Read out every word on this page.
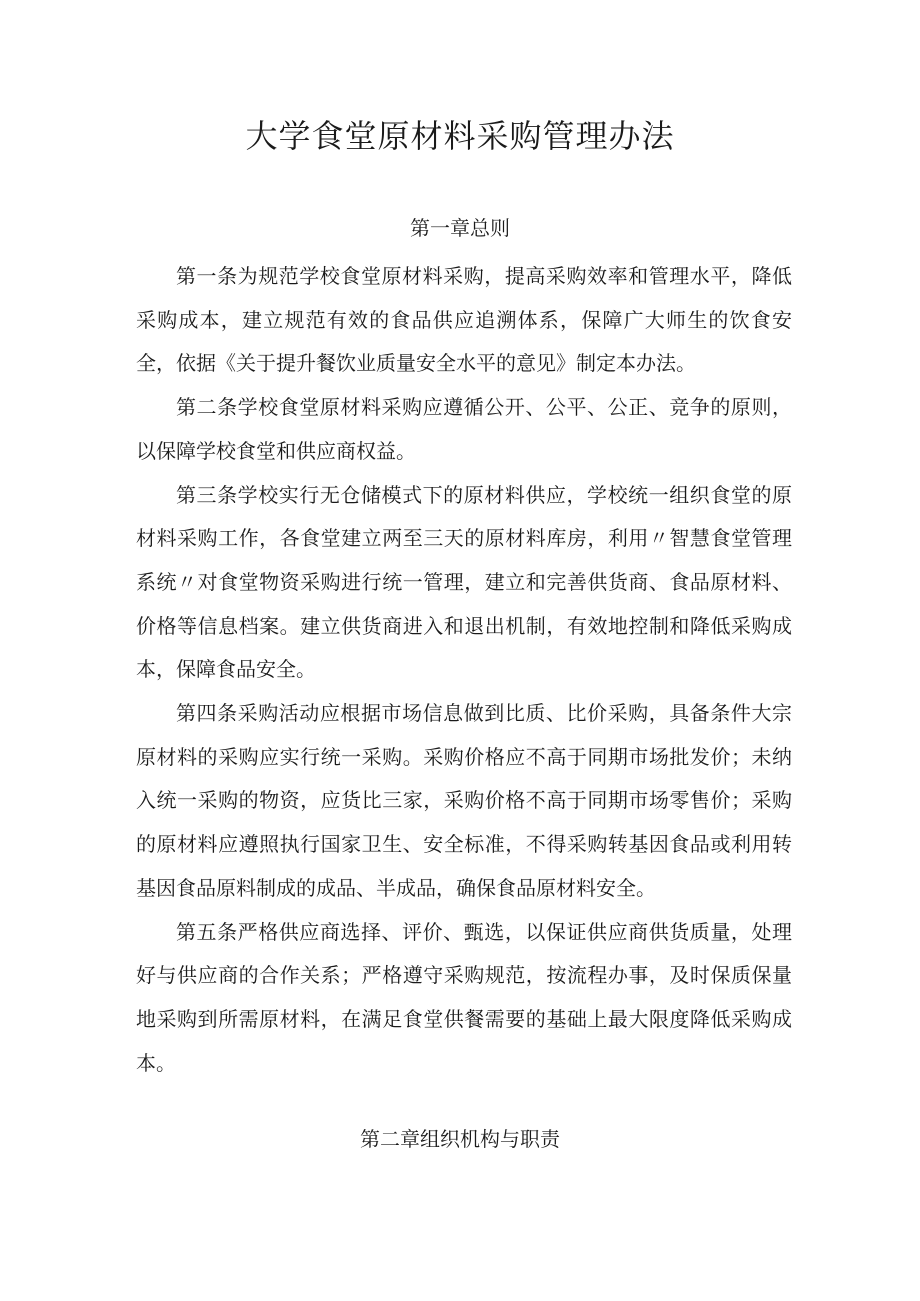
大学食堂原材料采购管理办法
第一章总则

第一条为规范学校食堂原材料采购，提高采购效率和管理水平，降低采购成本，建立规范有效的食品供应追溯体系，保障广大师生的饮食安全，依据《关于提升餐饮业质量安全水平的意见》制定本办法。

第二条学校食堂原材料采购应遵循公开、公平、公正、竞争的原则，以保障学校食堂和供应商权益。

第三条学校实行无仓储模式下的原材料供应，学校统一组织食堂的原材料采购工作，各食堂建立两至三天的原材料库房，利用〃智慧食堂管理系统〃对食堂物资采购进行统一管理，建立和完善供货商、食品原材料、价格等信息档案。建立供货商进入和退出机制，有效地控制和降低采购成本，保障食品安全。

第四条采购活动应根据市场信息做到比质、比价采购，具备条件大宗原材料的采购应实行统一采购。采购价格应不高于同期市场批发价；未纳入统一采购的物资，应货比三家，采购价格不高于同期市场零售价；采购的原材料应遵照执行国家卫生、安全标准，不得采购转基因食品或利用转基因食品原料制成的成品、半成品，确保食品原材料安全。

第五条严格供应商选择、评价、甄选，以保证供应商供货质量，处理好与供应商的合作关系；严格遵守采购规范，按流程办事，及时保质保量地采购到所需原材料，在满足食堂供餐需要的基础上最大限度降低采购成本。

第二章组织机构与职责
